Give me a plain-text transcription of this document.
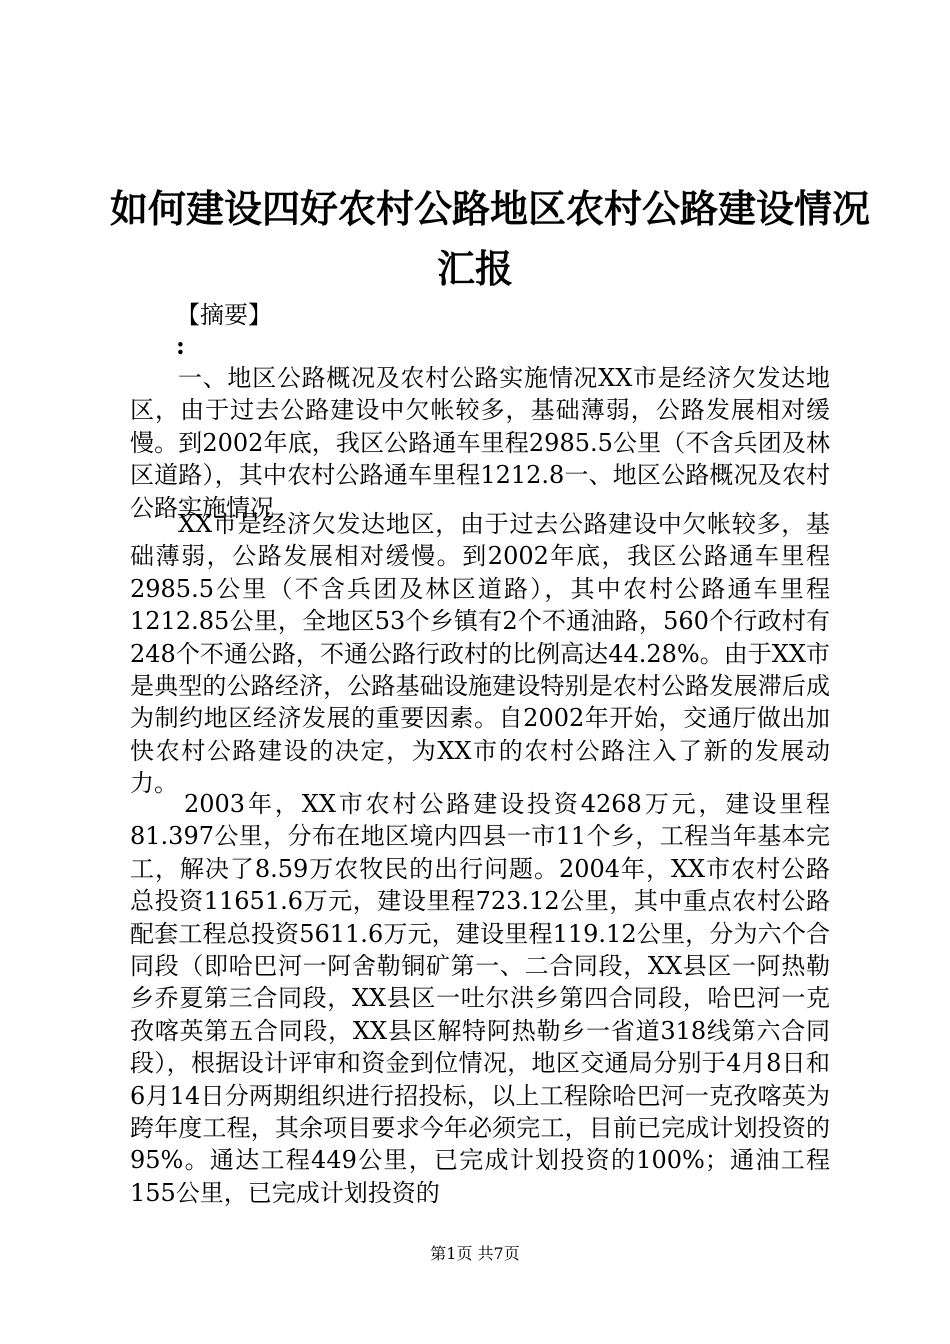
如何建设四好农村公路地区农村公路建设情况
汇报
【摘要】
:

一、地区公路概况及农村公路实施情况XX市是经济欠发达地区，由于过去公路建设中欠帐较多，基础薄弱，公路发展相对缓慢。到2002年底，我区公路通车里程2985.5公里（不含兵团及林区道路），其中农村公路通车里程1212.8一、地区公路概况及农村公路实施情况

XX市是经济欠发达地区，由于过去公路建设中欠帐较多，基础薄弱，公路发展相对缓慢。到2002年底，我区公路通车里程2985.5公里（不含兵团及林区道路），其中农村公路通车里程1212.85公里，全地区53个乡镇有2个不通油路，560个行政村有248个不通公路，不通公路行政村的比例高达44.28%。由于XX市是典型的公路经济，公路基础设施建设特别是农村公路发展滞后成为制约地区经济发展的重要因素。自2002年开始，交通厅做出加快农村公路建设的决定，为XX市的农村公路注入了新的发展动力。

2003年，XX市农村公路建设投资4268万元，建设里程81.397公里，分布在地区境内四县一市11个乡，工程当年基本完工，解决了8.59万农牧民的出行问题。2004年，XX市农村公路总投资11651.6万元，建设里程723.12公里，其中重点农村公路配套工程总投资5611.6万元，建设里程119.12公里，分为六个合同段（即哈巴河一阿舍勒铜矿第一、二合同段，XX县区一阿热勒乡乔夏第三合同段，XX县区一吐尔洪乡第四合同段，哈巴河一克孜喀英第五合同段，XX县区解特阿热勒乡一省道318线第六合同段），根据设计评审和资金到位情况，地区交通局分别于4月8日和6月14日分两期组织进行招投标，以上工程除哈巴河一克孜喀英为跨年度工程，其余项目要求今年必须完工，目前已完成计划投资的95%。通达工程449公里，已完成计划投资的100%；通油工程155公里，已完成计划投资的

第1页 共7页
